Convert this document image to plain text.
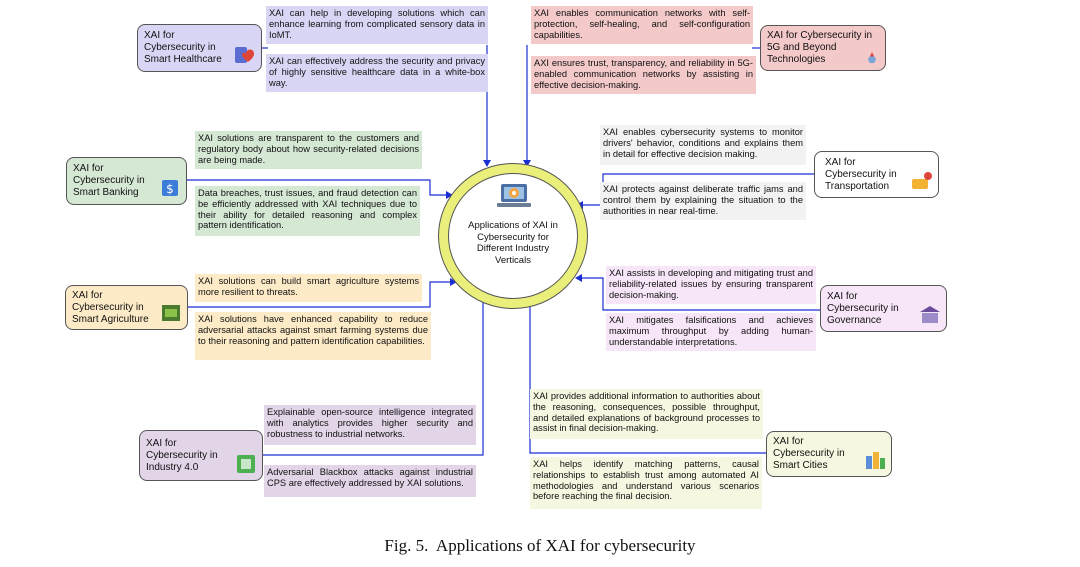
Applications of XAI in Cybersecurity for Different Industry Verticals
XAI for Cybersecurity in Smart Healthcare
XAI can help in developing solutions which can enhance learning from complicated sensory data in IoMT.
XAI can effectively address the security and privacy of highly sensitive healthcare data in a white-box way.
XAI for Cybersecurity in 5G and Beyond Technologies
XAI enables communication networks with self-protection, self-healing, and self-configuration capabilities.
AXI ensures trust, transparency, and reliability in 5G-enabled communication networks by assisting in effective decision-making.
XAI for Cybersecurity in Smart Banking	$
XAI solutions are transparent to the customers and regulatory body about how security-related decisions are being made.
Data breaches, trust issues, and fraud detection can be efficiently addressed with XAI techniques due to their ability for detailed reasoning and complex pattern identification.
XAI for Cybersecurity in Transportation
XAI enables cybersecurity systems to monitor drivers' behavior, conditions and explains them in detail for effective decision making.
XAI protects against deliberate traffic jams and control them by explaining the situation to the authorities in near real-time.
XAI for Cybersecurity in Smart Agriculture
XAI solutions can build smart agriculture systems more resilient to threats.
XAI solutions have enhanced capability to reduce adversarial attacks against smart farming systems due to their reasoning and pattern identification capabilities.
XAI for Cybersecurity in Governance
XAI assists in developing and mitigating trust and reliability-related issues by ensuring transparent decision-making.
XAI mitigates falsifications and achieves maximum throughput by adding human-understandable interpretations.
XAI for Cybersecurity in Industry 4.0
Explainable open-source intelligence integrated with analytics provides higher security and robustness to industrial networks.
Adversarial Blackbox attacks against industrial CPS are effectively addressed by XAI solutions.
XAI for Cybersecurity in Smart Cities
XAI provides additional information to authorities about the reasoning, consequences, possible throughput, and detailed explanations of background processes to assist in final decision-making.
XAI helps identify matching patterns, causal relationships to establish trust among automated AI methodologies and understand various scenarios before reaching the final decision.
Fig. 5.  Applications of XAI for cybersecurity
